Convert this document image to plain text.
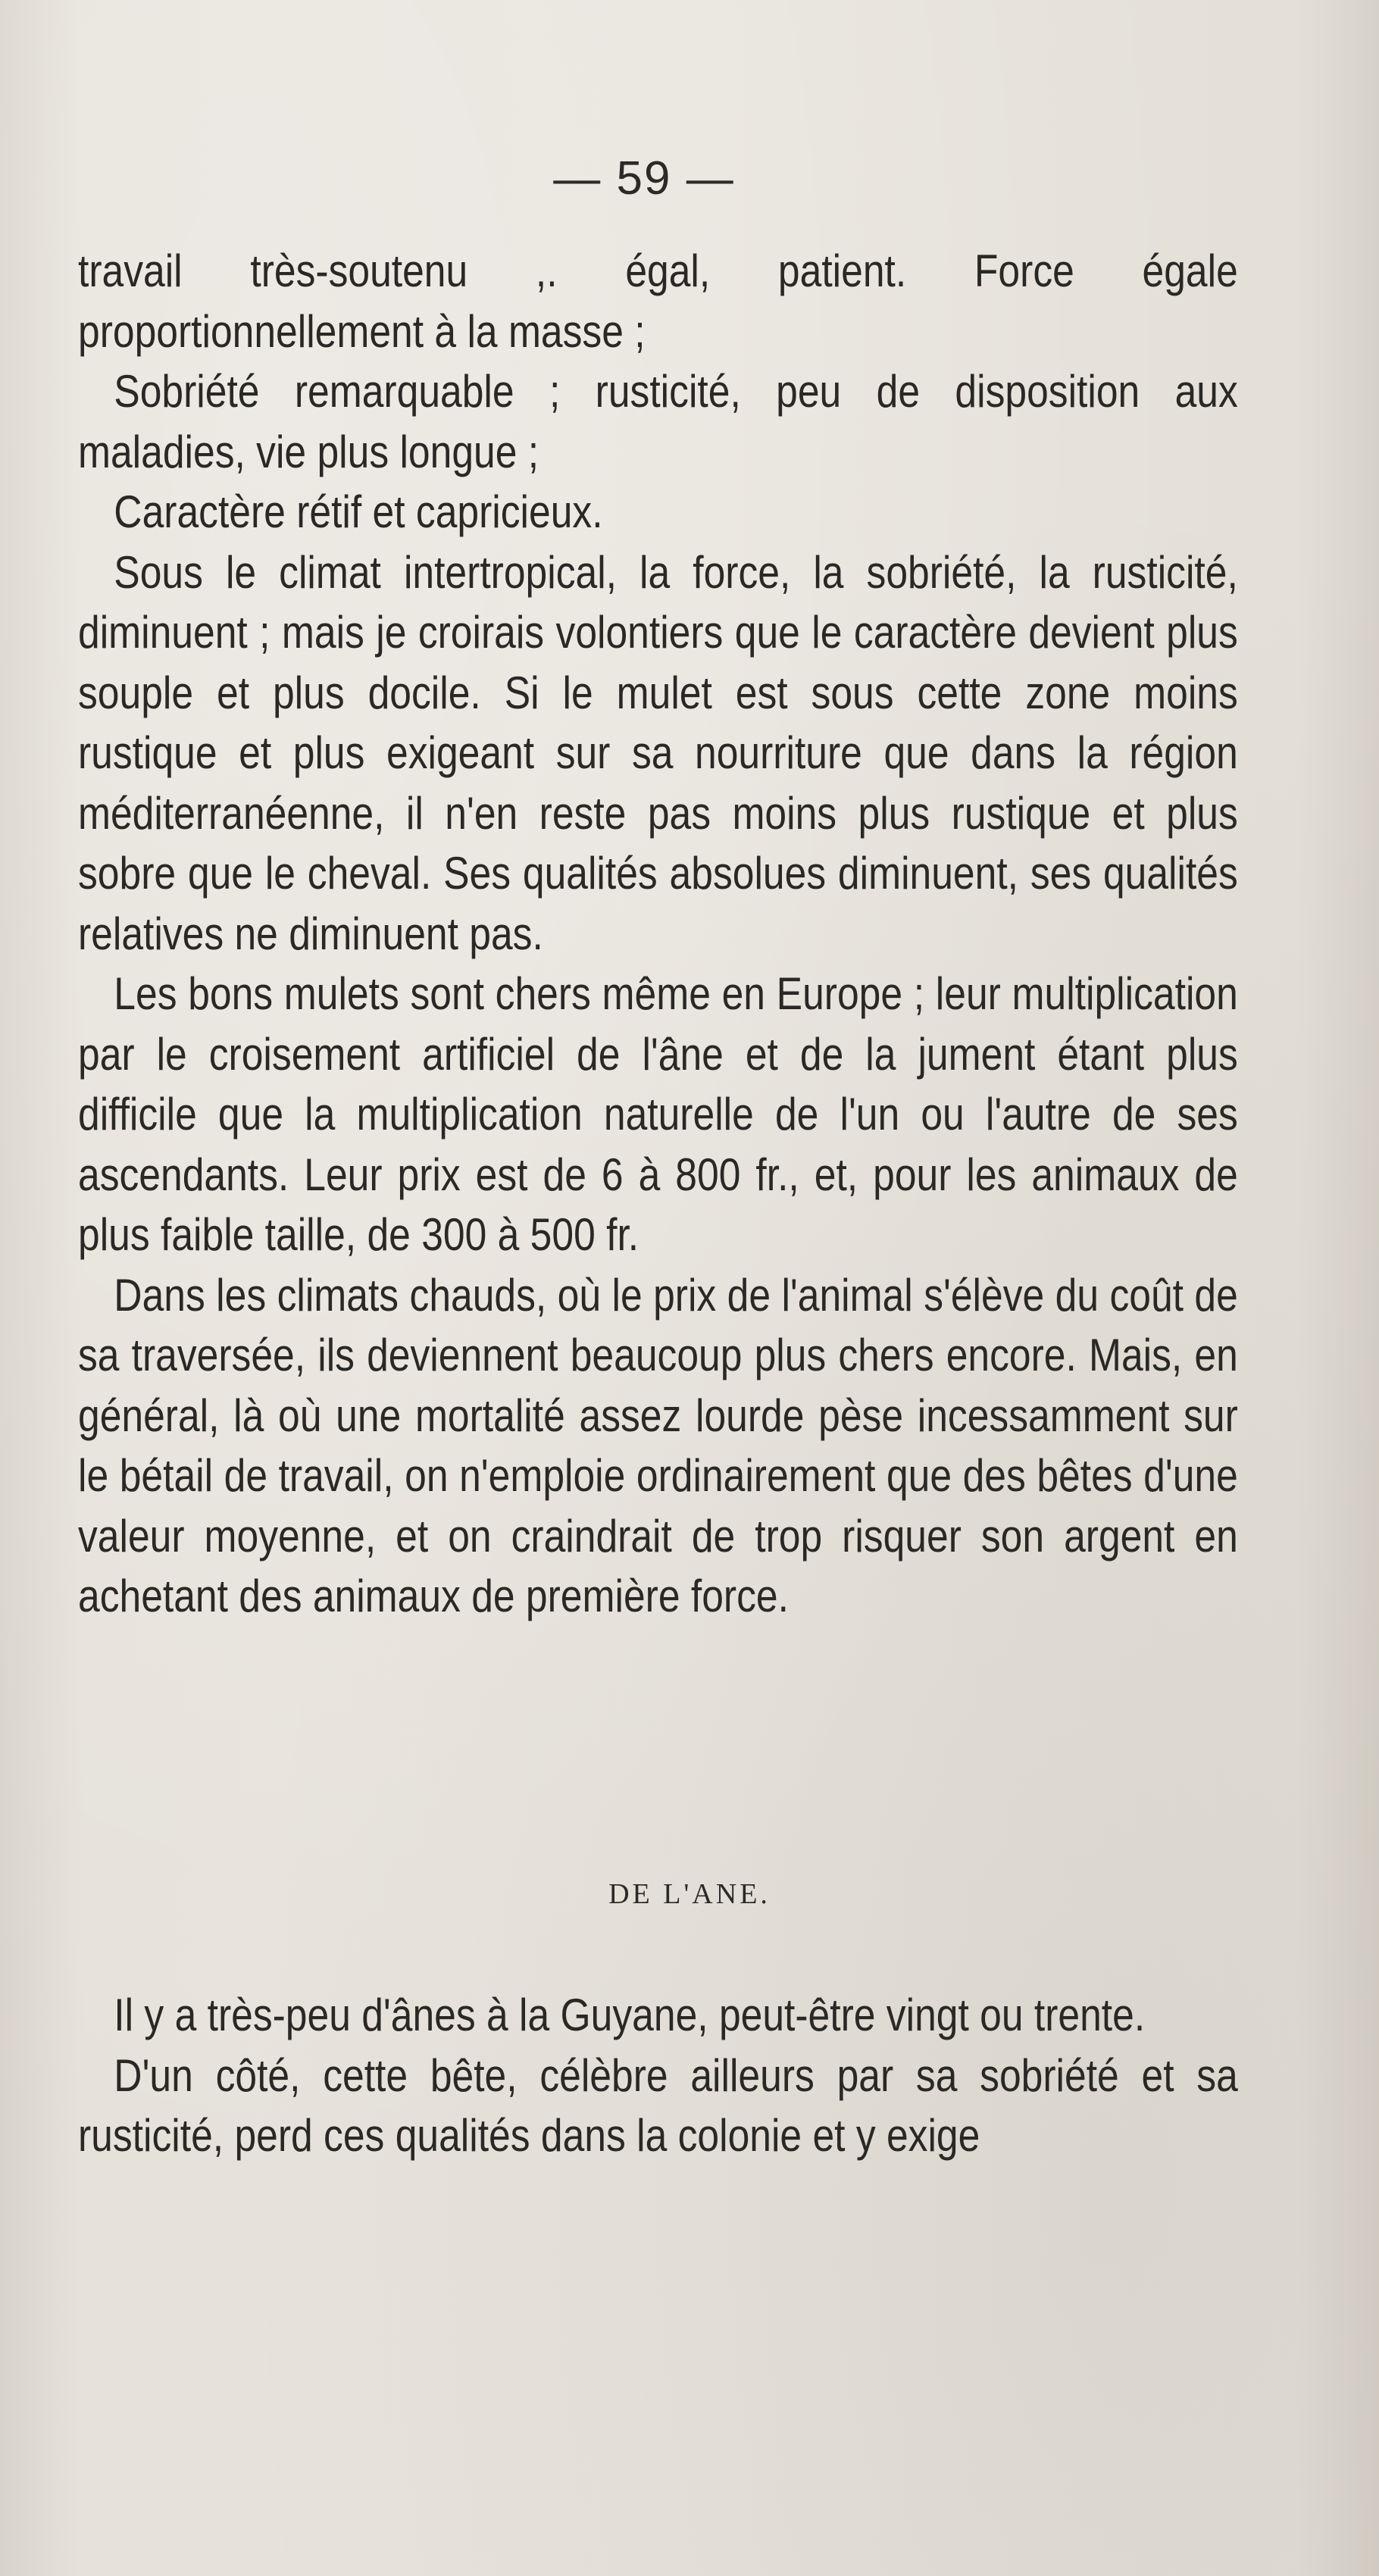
— 59 —

travail très-soutenu ,. égal, patient. Force égale proportionnellement à la masse ;

Sobriété remarquable ; rusticité, peu de disposition aux maladies, vie plus longue ;

Caractère rétif et capricieux.

Sous le climat intertropical, la force, la sobriété, la rusticité, diminuent ; mais je croirais volontiers que le caractère devient plus souple et plus docile. Si le mulet est sous cette zone moins rustique et plus exigeant sur sa nourriture que dans la région méditerranéenne, il n'en reste pas moins plus rustique et plus sobre que le cheval. Ses qualités absolues diminuent, ses qualités relatives ne diminuent pas.

Les bons mulets sont chers même en Europe ; leur multiplication par le croisement artificiel de l'âne et de la jument étant plus difficile que la multiplication naturelle de l'un ou l'autre de ses ascendants. Leur prix est de 6 à 800 fr., et, pour les animaux de plus faible taille, de 300 à 500 fr.

Dans les climats chauds, où le prix de l'animal s'élève du coût de sa traversée, ils deviennent beaucoup plus chers encore. Mais, en général, là où une mortalité assez lourde pèse incessamment sur le bétail de travail, on n'emploie ordinairement que des bêtes d'une valeur moyenne, et on craindrait de trop risquer son argent en achetant des animaux de première force.

DE L'ANE.

Il y a très-peu d'ânes à la Guyane, peut-être vingt ou trente.

D'un côté, cette bête, célèbre ailleurs par sa sobriété et sa rusticité, perd ces qualités dans la colonie et y exige
